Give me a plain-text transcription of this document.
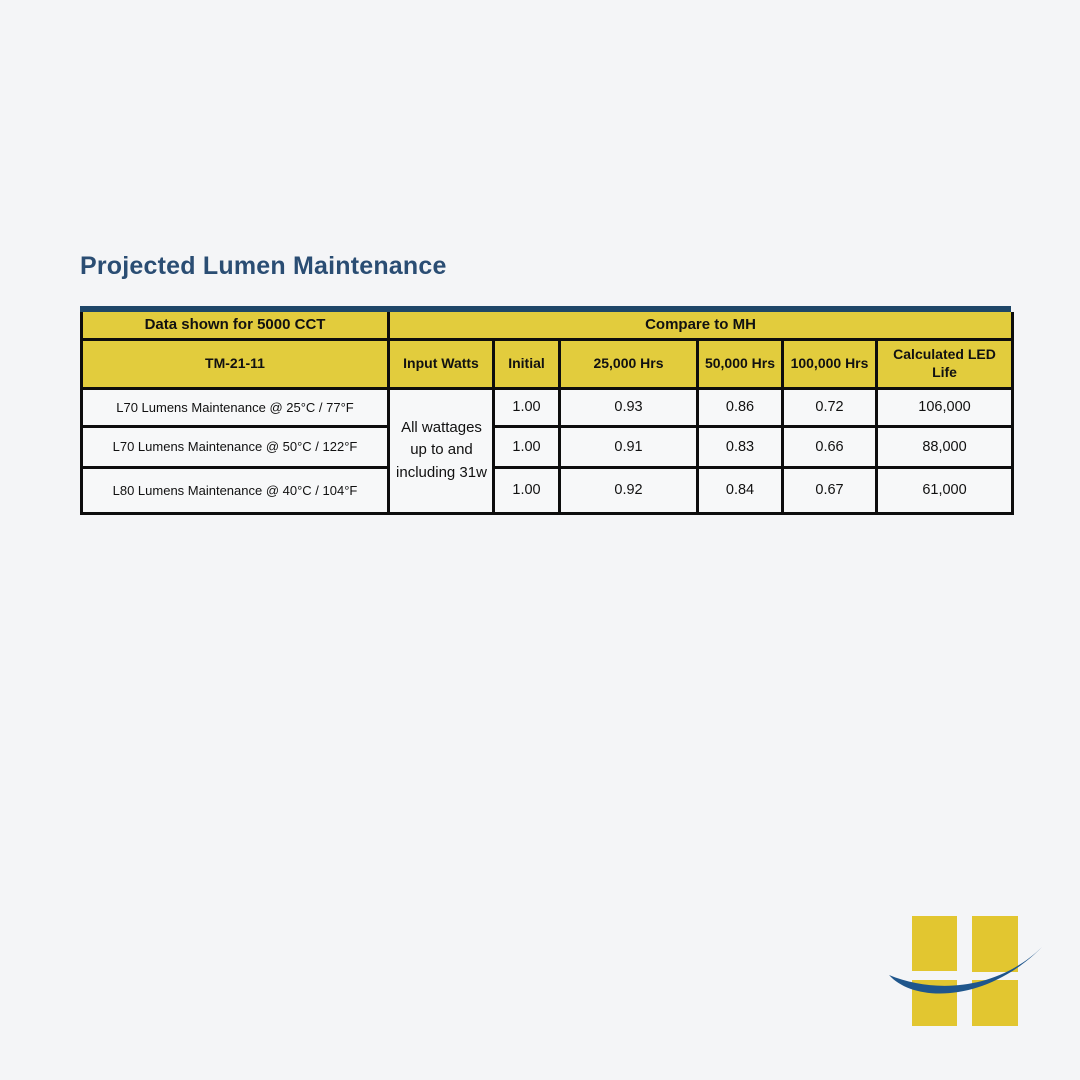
Projected Lumen Maintenance
Data shown for 5000 CCT	Compare to MH					
TM-21-11	Input Watts	Initial	25,000 Hrs	50,000 Hrs	100,000 Hrs	Calculated LED Life
L70 Lumens Maintenance @ 25°C / 77°F	All wattages up to and including 31w	1.00	0.93	0.86	0.72	106,000
L70 Lumens Maintenance @ 50°C / 122°F		1.00	0.91	0.83	0.66	88,000
L80 Lumens Maintenance @ 40°C / 104°F		1.00	0.92	0.84	0.67	61,000
